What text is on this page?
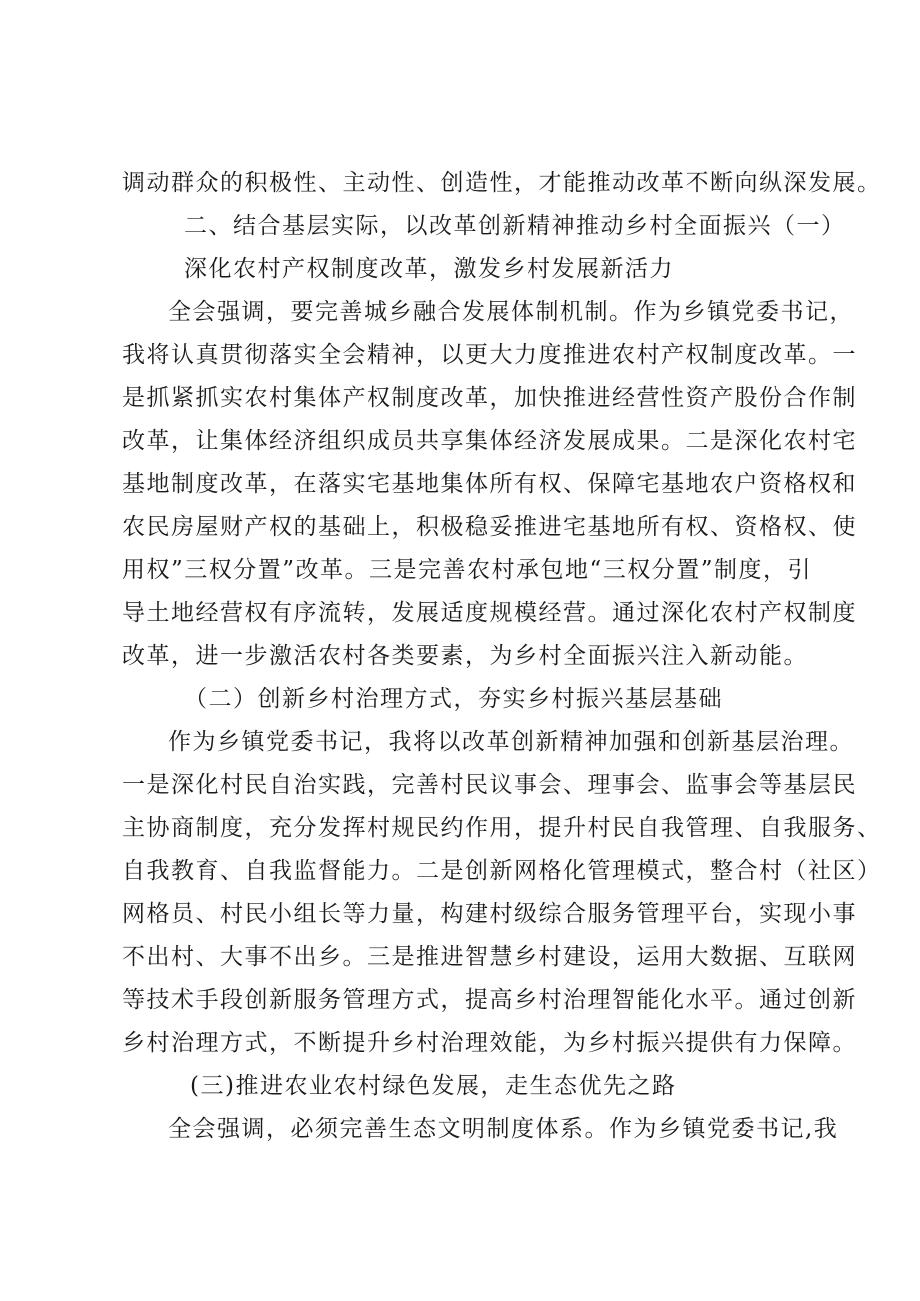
调动群众的积极性、主动性、创造性，才能推动改革不断向纵深发展。
二、结合基层实际，以改革创新精神推动乡村全面振兴（一）
深化农村产权制度改革，激发乡村发展新活力
全会强调，要完善城乡融合发展体制机制。作为乡镇党委书记，
我将认真贯彻落实全会精神，以更大力度推进农村产权制度改革。一
是抓紧抓实农村集体产权制度改革，加快推进经营性资产股份合作制
改革，让集体经济组织成员共享集体经济发展成果。二是深化农村宅
基地制度改革，在落实宅基地集体所有权、保障宅基地农户资格权和
农民房屋财产权的基础上，积极稳妥推进宅基地所有权、资格权、使
用权”三权分置”改革。三是完善农村承包地“三权分置”制度，引
导土地经营权有序流转，发展适度规模经营。通过深化农村产权制度
改革，进一步激活农村各类要素，为乡村全面振兴注入新动能。
（二）创新乡村治理方式，夯实乡村振兴基层基础
作为乡镇党委书记，我将以改革创新精神加强和创新基层治理。
一是深化村民自治实践，完善村民议事会、理事会、监事会等基层民
主协商制度，充分发挥村规民约作用，提升村民自我管理、自我服务、
自我教育、自我监督能力。二是创新网格化管理模式，整合村（社区）
网格员、村民小组长等力量，构建村级综合服务管理平台，实现小事
不出村、大事不出乡。三是推进智慧乡村建设，运用大数据、互联网
等技术手段创新服务管理方式，提高乡村治理智能化水平。通过创新
乡村治理方式，不断提升乡村治理效能，为乡村振兴提供有力保障。
(三)推进农业农村绿色发展，走生态优先之路
全会强调，必须完善生态文明制度体系。作为乡镇党委书记,我
